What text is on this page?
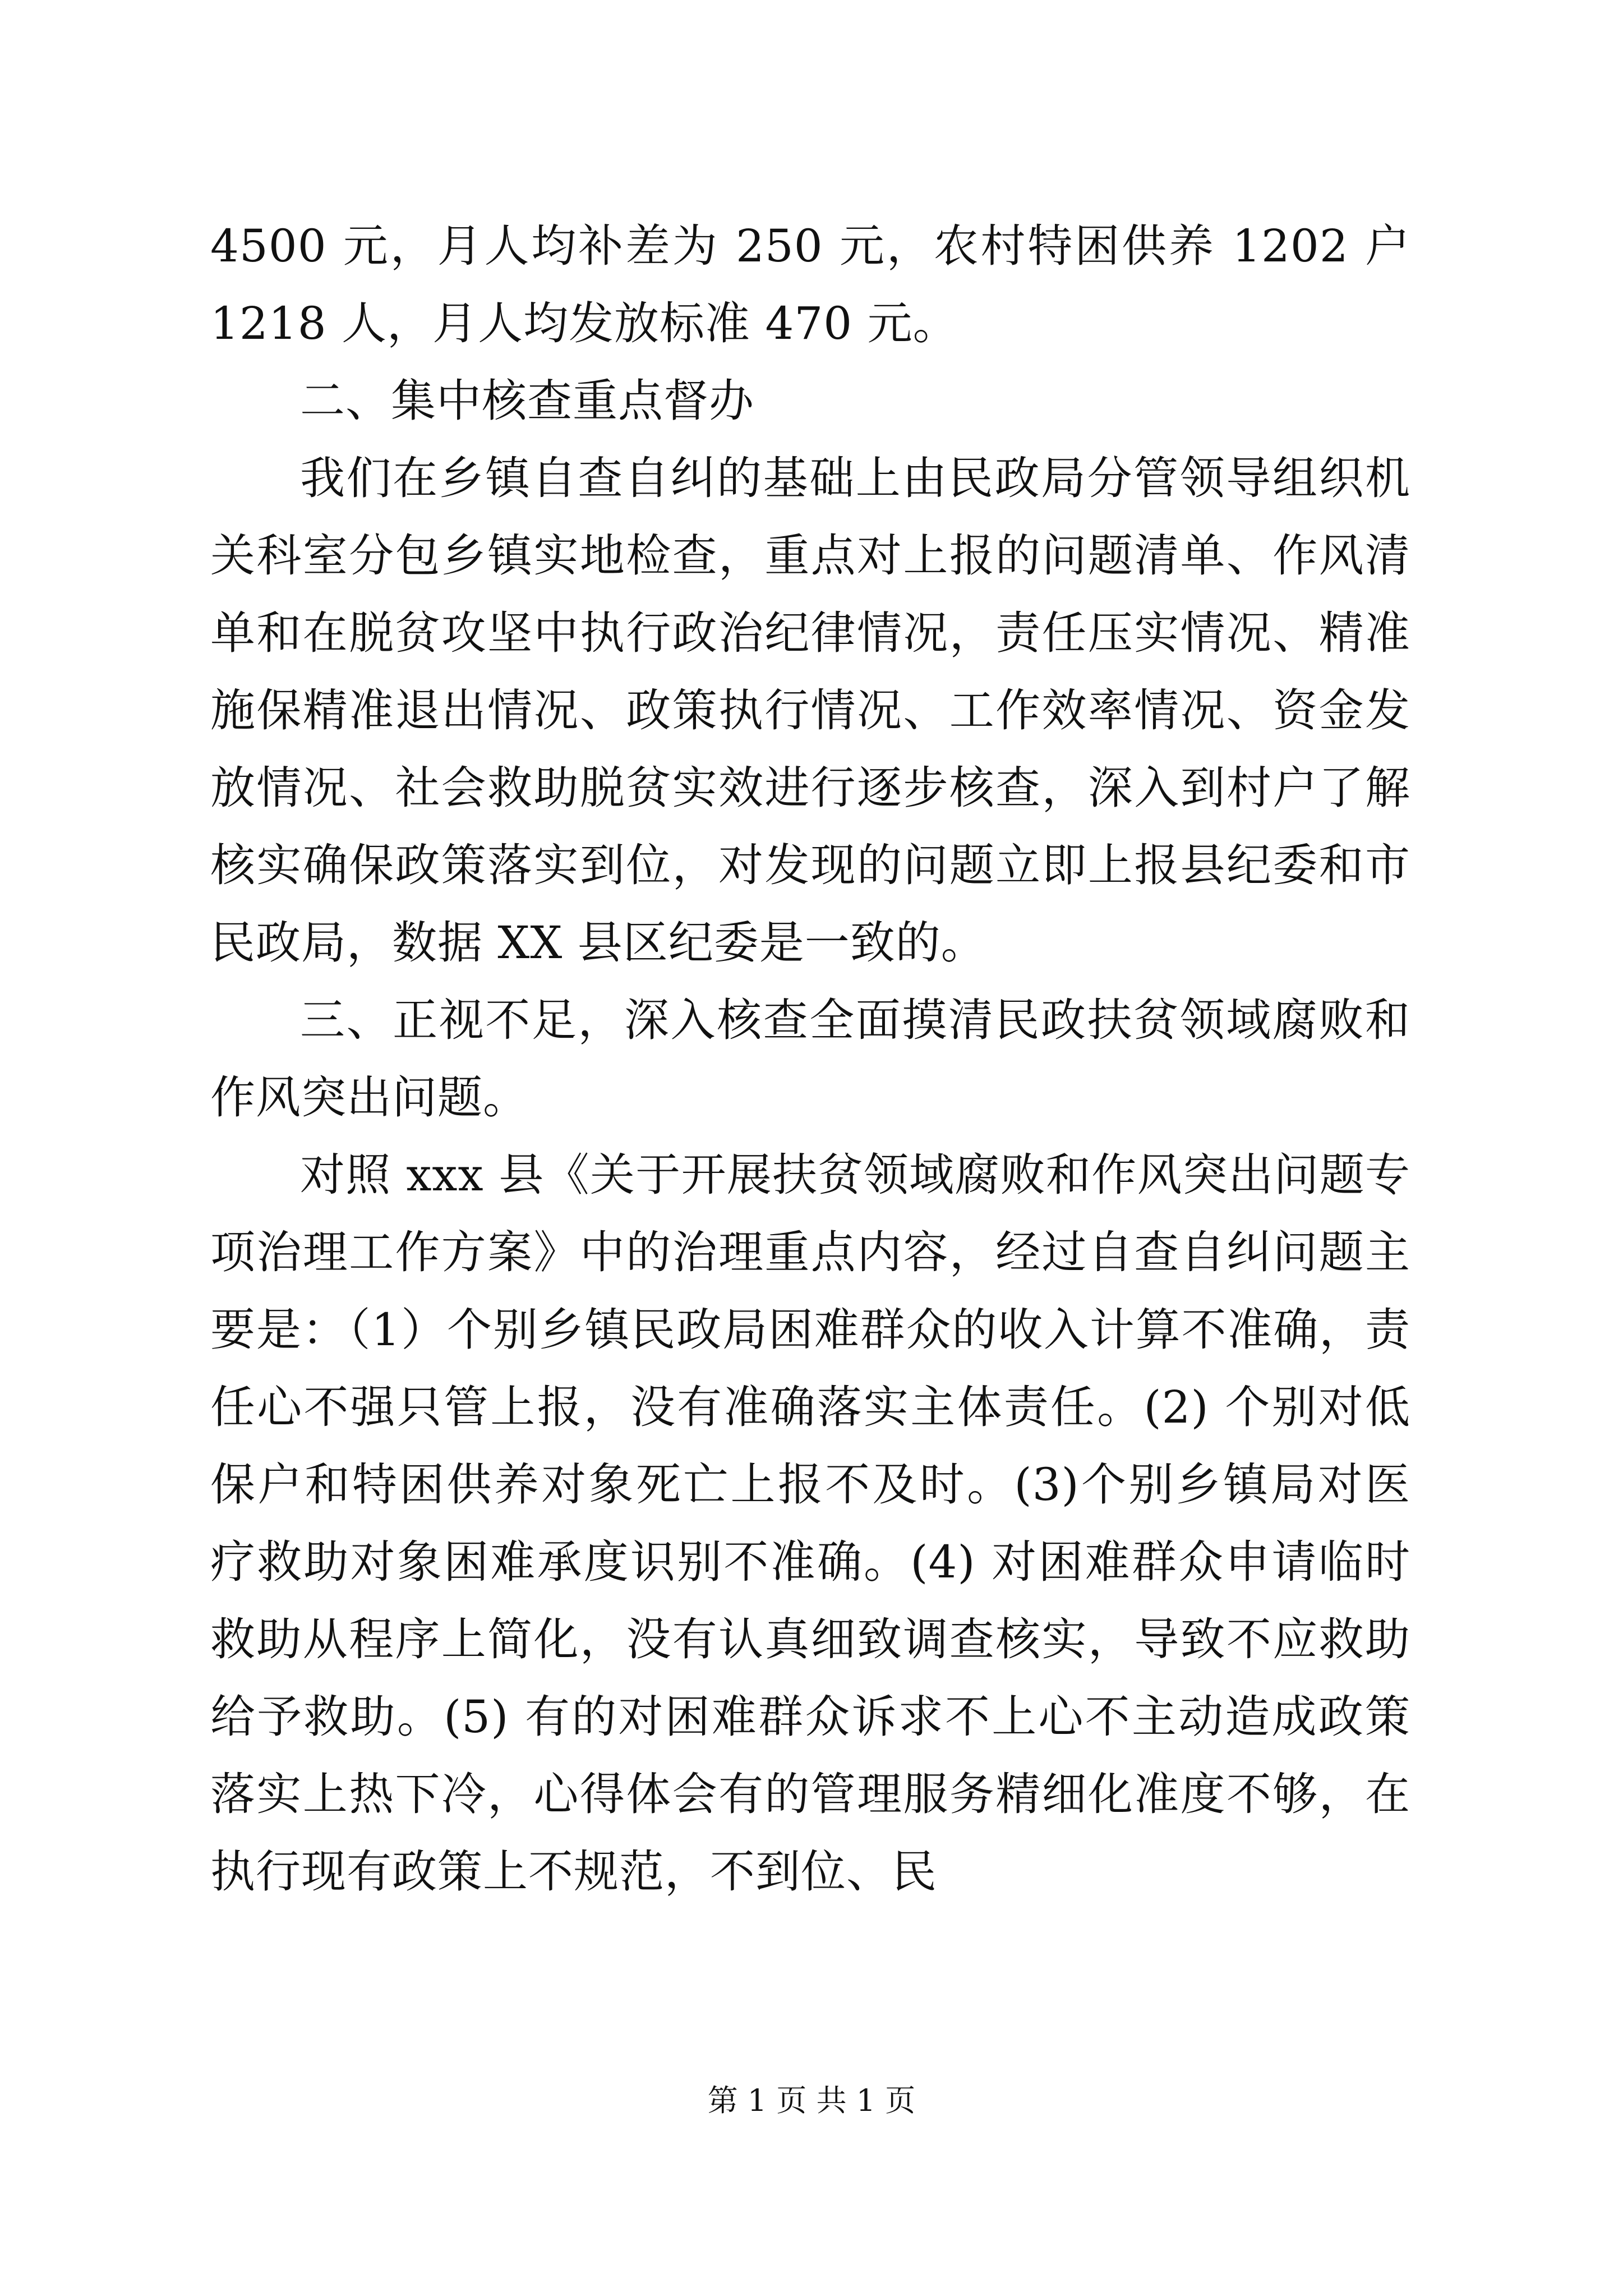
4500 元，月人均补差为 250 元，农村特困供养 1202 户 1218 人，月人均发放标准 470 元。

二、集中核查重点督办

我们在乡镇自查自纠的基础上由民政局分管领导组织机关科室分包乡镇实地检查，重点对上报的问题清单、作风清单和在脱贫攻坚中执行政治纪律情况，责任压实情况、精准施保精准退出情况、政策执行情况、工作效率情况、资金发放情况、社会救助脱贫实效进行逐步核查，深入到村户了解核实确保政策落实到位，对发现的问题立即上报县纪委和市民政局，数据 XX 县区纪委是一致的。

三、正视不足，深入核查全面摸清民政扶贫领域腐败和作风突出问题。

对照 xxx 县《关于开展扶贫领域腐败和作风突出问题专项治理工作方案》中的治理重点内容，经过自查自纠问题主要是：（1）个别乡镇民政局困难群众的收入计算不准确，责任心不强只管上报，没有准确落实主体责任。(2) 个别对低保户和特困供养对象死亡上报不及时。(3)个别乡镇局对医疗救助对象困难承度识别不准确。(4) 对困难群众申请临时救助从程序上简化，没有认真细致调查核实，导致不应救助给予救助。(5) 有的对困难群众诉求不上心不主动造成政策落实上热下冷，心得体会有的管理服务精细化准度不够，在执行现有政策上不规范，不到位、民

第 1 页 共 1 页
